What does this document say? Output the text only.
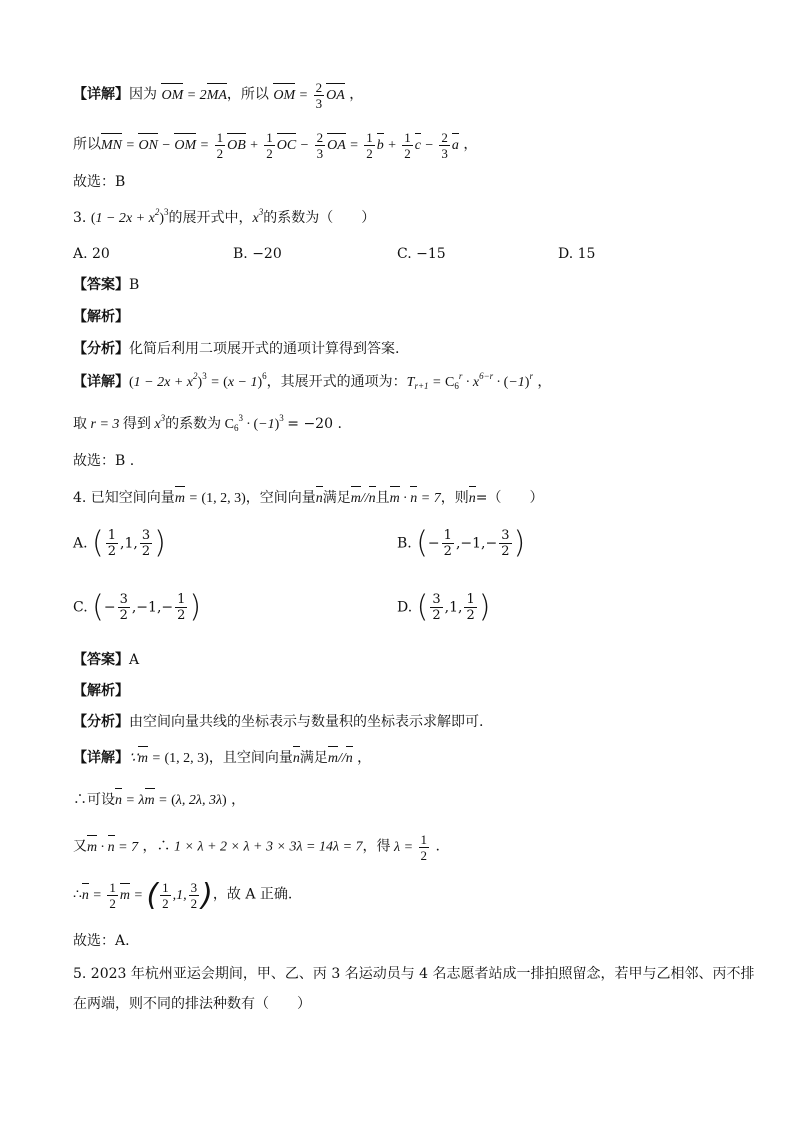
【详解】因为 OM = 2MA，所以 OM = $\frac{2}{3}$ OA ，
所以MN = ON − OM = $\frac{1}{2}$ OB + $\frac{1}{2}$ OC − $\frac{2}{3}$ OA = $\frac{1}{2}$ $b + \frac{1}{2}$ $c - \frac{2}{3}$ a ，
故选：B
3. $(1 - 2x + x^2)^3$的展开式中，$x^3$的系数为（　　）
A. 20	B. −20	C. −15	D. 15
【答案】B
【解析】
【分析】化简后利用二项展开式的通项计算得到答案.
【详解】$(1 - 2x + x^2)^3 = (x - 1)^6$，其展开式的通项为：$T_{r+1} = C_6^r \cdot x^{6-r} \cdot (-1)^r$ ，
取 r = 3 得到 $x^3$的系数为 $C_6^3 \cdot (-1)^3 = -20$ .
故选：B .
4. 已知空间向量m = (1, 2, 3)，空间向量n满足m//n且m · n = 7，则n=（　　）
A. ( $\frac{1}{2} ,1$, $\frac{3}{2}$ )	B. (− $\frac{1}{2} ,-1,- \frac{3}{2}$ )
C. (− $\frac{3}{2} ,-1,- \frac{1}{2}$ )	D. ( $\frac{3}{2} ,1$, $\frac{1}{2}$ )
【答案】A
【解析】
【分析】由空间向量共线的坐标表示与数量积的坐标表示求解即可.
【详解】∵m = (1, 2, 3)，且空间向量n满足m//n ，
∴可设n = λm = (λ, 2λ, 3λ) ，
又m · n = 7 ，∴ 1 × λ + 2 × λ + 3 × 3λ = 14λ = 7，得 $\lambda = \frac{1}{2}$ .
∴n = $\frac{1}{2}$ m = ( $\frac{1}{2} ,1$, $\frac{3}{2}$ )，故 A 正确.
故选：A.
5. 2023 年杭州亚运会期间，甲、乙、丙 3 名运动员与 4 名志愿者站成一排拍照留念，若甲与乙相邻、丙不排
在两端，则不同的排法种数有（　　）
